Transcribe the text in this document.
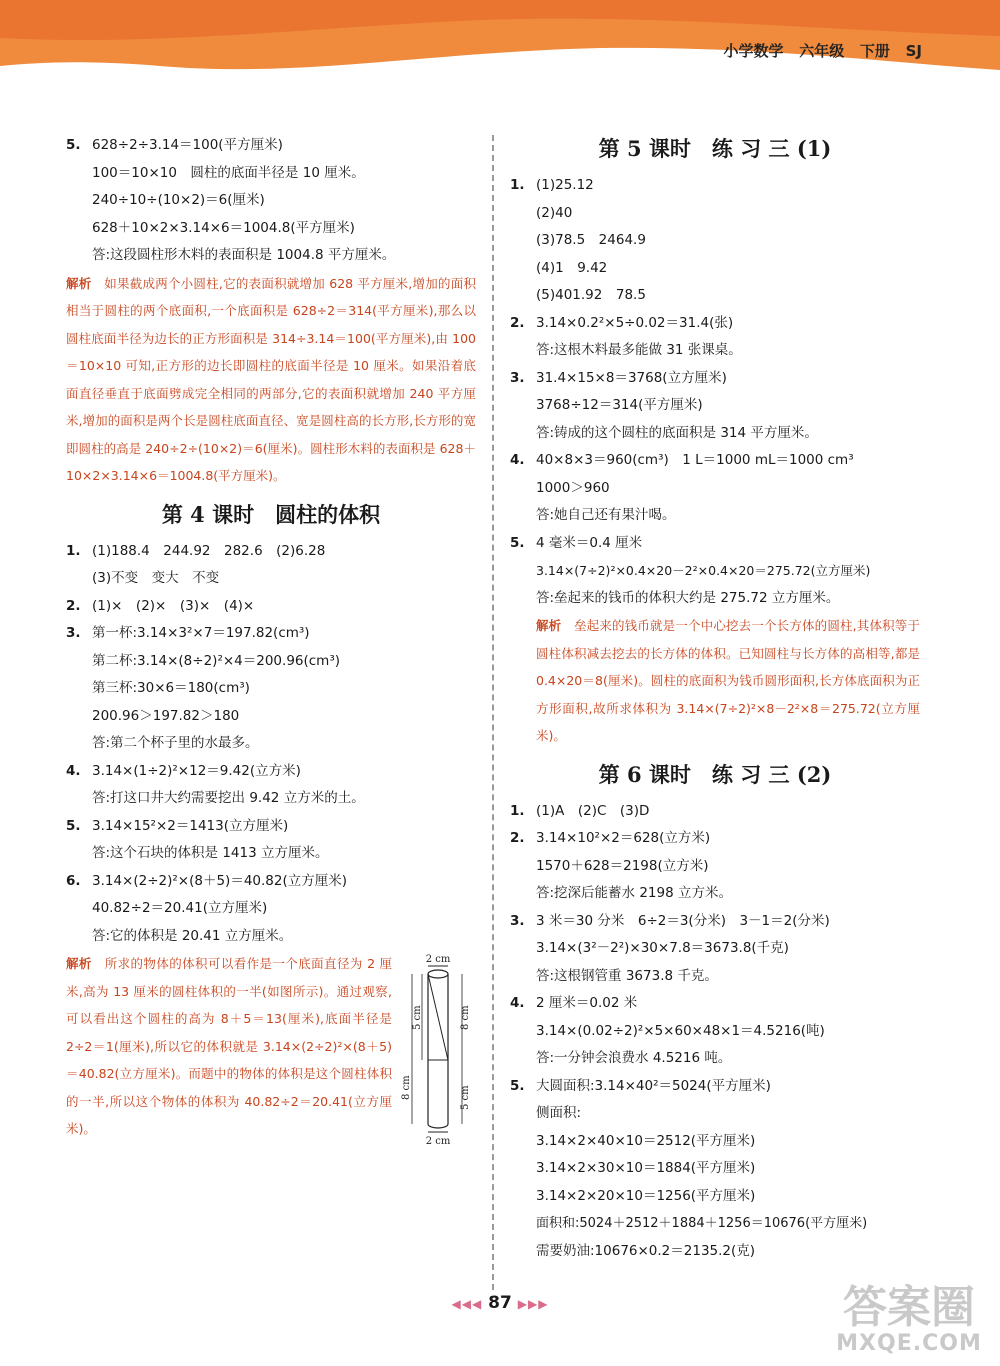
小学数学 六年级 下册 SJ
5. 628÷2÷3.14＝100(平方厘米)
100＝10×10　圆柱的底面半径是 10 厘米。
240÷10÷(10×2)＝6(厘米)
628＋10×2×3.14×6＝1004.8(平方厘米)
答:这段圆柱形木料的表面积是 1004.8 平方厘米。
解析　 如果截成两个小圆柱,它的表面积就增加 628 平方厘米,增加的面积相当于圆柱的两个底面积,一个底面积是 628÷2＝314(平方厘米),那么以圆柱底面半径为边长的正方形面积是 314÷3.14＝100(平方厘米),由 100＝10×10 可知,正方形的边长即圆柱的底面半径是 10 厘米。如果沿着底面直径垂直于底面劈成完全相同的两部分,它的表面积就增加 240 平方厘米,增加的面积是两个长是圆柱底面直径、宽是圆柱高的长方形,长方形的宽即圆柱的高是 240÷2÷(10×2)＝6(厘米)。圆柱形木料的表面积是 628＋10×2×3.14×6＝1004.8(平方厘米)。
第 4 课时　圆柱的体积
1. (1)188.4　244.92　282.6　(2)6.28
(3)不变　变大　不变
2. (1)×　(2)×　(3)×　(4)×
3. 第一杯:3.14×3²×7＝197.82(cm³)
第二杯:3.14×(8÷2)²×4＝200.96(cm³)
第三杯:30×6＝180(cm³)
200.96＞197.82＞180
答:第二个杯子里的水最多。
4. 3.14×(1÷2)²×12＝9.42(立方米)
答:打这口井大约需要挖出 9.42 立方米的土。
5. 3.14×15²×2＝1413(立方厘米)
答:这个石块的体积是 1413 立方厘米。
6. 3.14×(2÷2)²×(8＋5)＝40.82(立方厘米)
40.82÷2＝20.41(立方厘米)
答:它的体积是 20.41 立方厘米。
2 cm
8 cm
5 cm	8 cm
5 cm
2 cm
解析　 所求的物体的体积可以看作是一个底面直径为 2 厘米,高为 13 厘米的圆柱体积的一半(如图所示)。通过观察,可以看出这个圆柱的高为 8＋5＝13(厘米),底面半径是 2÷2＝1(厘米),所以它的体积就是 3.14×(2÷2)²×(8＋5)＝40.82(立方厘米)。而题中的物体的体积是这个圆柱体积的一半,所以这个物体的体积为 40.82÷2＝20.41(立方厘米)。
第 5 课时　练 习 三 (1)
1. (1)25.12
(2)40
(3)78.5　2464.9
(4)1　9.42
(5)401.92　78.5
2. 3.14×0.2²×5÷0.02＝31.4(张)
答:这根木料最多能做 31 张课桌。
3. 31.4×15×8＝3768(立方厘米)
3768÷12＝314(平方厘米)
答:铸成的这个圆柱的底面积是 314 平方厘米。
4. 40×8×3＝960(cm³)　1 L＝1000 mL＝1000 cm³
1000＞960
答:她自己还有果汁喝。
5. 4 毫米＝0.4 厘米
3.14×(7÷2)²×0.4×20－2²×0.4×20＝275.72(立方厘米)
答:垒起来的钱币的体积大约是 275.72 立方厘米。
解析　 垒起来的钱币就是一个中心挖去一个长方体的圆柱,其体积等于圆柱体积减去挖去的长方体的体积。已知圆柱与长方体的高相等,都是 0.4×20＝8(厘米)。圆柱的底面积为钱币圆形面积,长方体底面积为正方形面积,故所求体积为 3.14×(7÷2)²×8－2²×8＝275.72(立方厘米)。
第 6 课时　练 习 三 (2)
1. (1)A　(2)C　(3)D
2. 3.14×10²×2＝628(立方米)
1570＋628＝2198(立方米)
答:挖深后能蓄水 2198 立方米。
3. 3 米＝30 分米　6÷2＝3(分米)　3－1＝2(分米)
3.14×(3²－2²)×30×7.8＝3673.8(千克)
答:这根钢管重 3673.8 千克。
4. 2 厘米＝0.02 米
3.14×(0.02÷2)²×5×60×48×1＝4.5216(吨)
答:一分钟会浪费水 4.5216 吨。
5. 大圆面积:3.14×40²＝5024(平方厘米)
侧面积:
3.14×2×40×10＝2512(平方厘米)
3.14×2×30×10＝1884(平方厘米)
3.14×2×20×10＝1256(平方厘米)
面积和:5024＋2512＋1884＋1256＝10676(平方厘米)
需要奶油:10676×0.2＝2135.2(克)
◀◀◀ 87 ▶▶▶	答案圈
MXQE.COM
